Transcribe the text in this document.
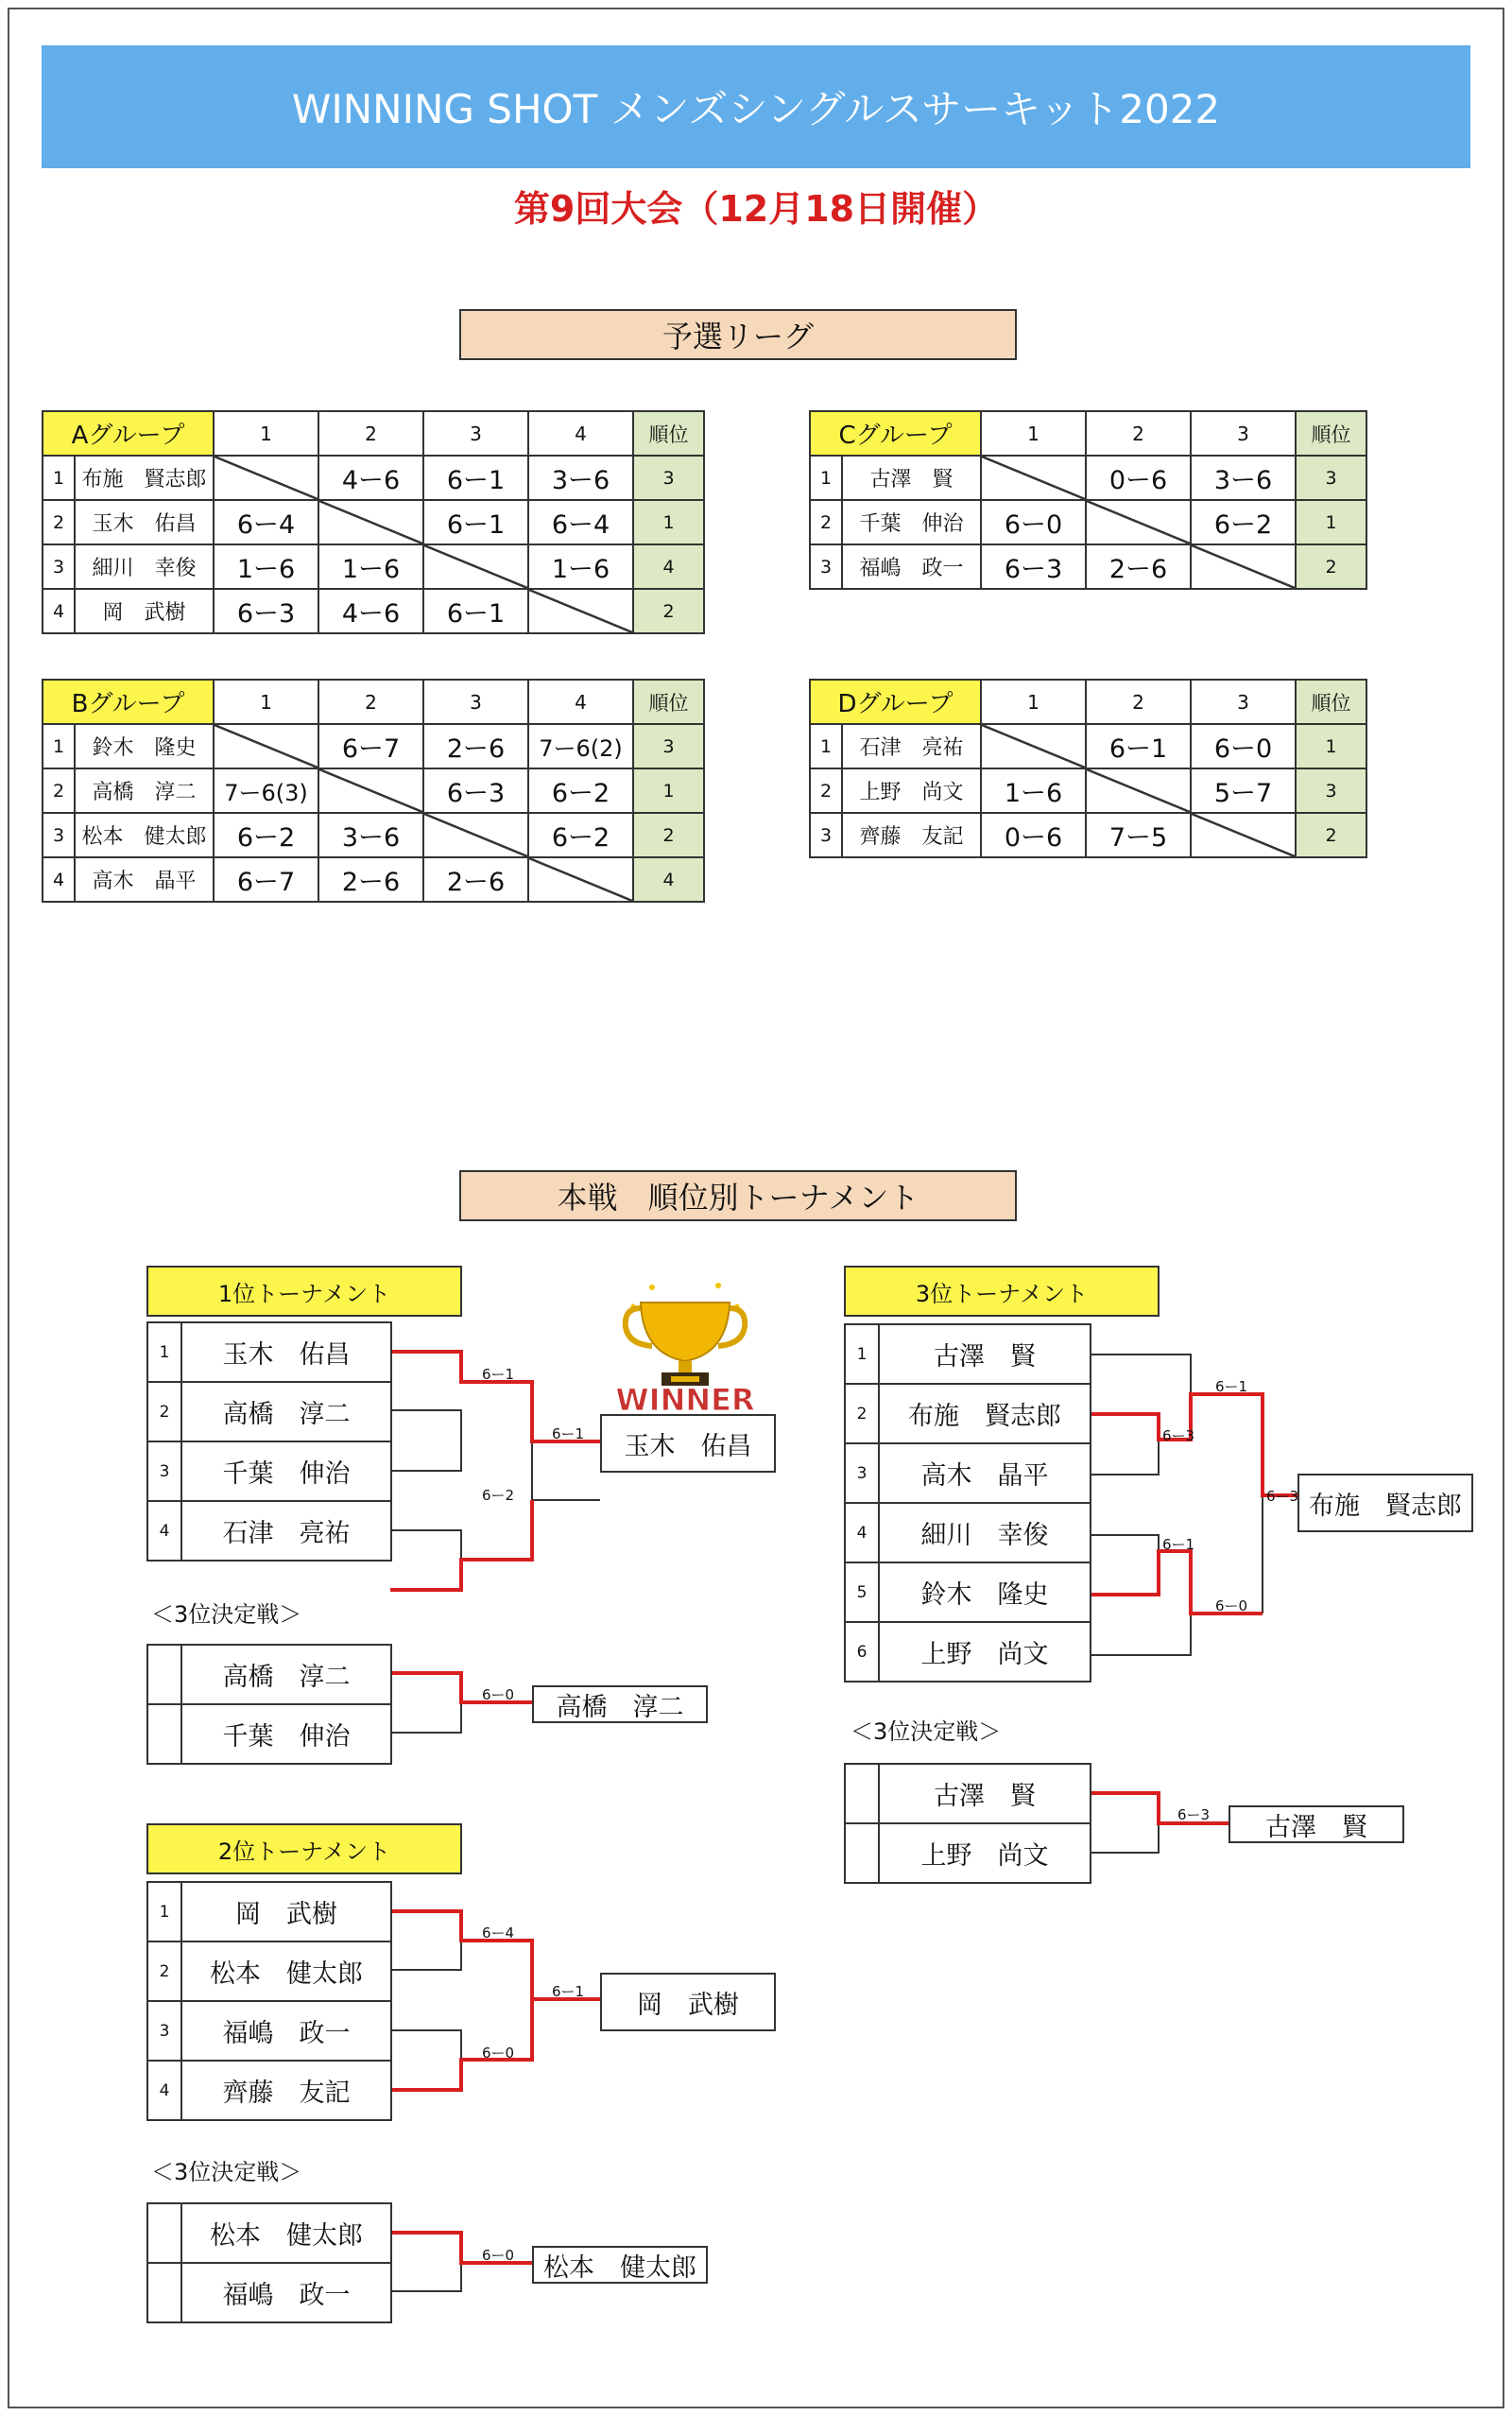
WINNING SHOT メンズシングルスサーキット2022
第9回大会（12月18日開催）
予選リーグ
Aグループ		1	2	3	4	順位
1	布施　賢志郎		4ー6	6ー1	3ー6	3
2	玉木　佑昌	6ー4		6ー1	6ー4	1
3	細川　幸俊	1ー6	1ー6		1ー6	4
4	岡　武樹	6ー3	4ー6	6ー1		2
Cグループ		1	2	3	順位
1	古澤　賢		0ー6	3ー6	3
2	千葉　伸治	6ー0		6ー2	1
3	福嶋　政一	6ー3	2ー6		2
Bグループ		1	2	3	4	順位
1	鈴木　隆史		6ー7	2ー6	7ー6(2)	3
2	高橋　淳二	7ー6(3)		6ー3	6ー2	1
3	松本　健太郎	6ー2	3ー6		6ー2	2
4	高木　晶平	6ー7	2ー6	2ー6		4
Dグループ		1	2	3	順位
1	石津　亮祐		6ー1	6ー0	1
2	上野　尚文	1ー6		5ー7	3
3	齊藤　友記	0ー6	7ー5		2
本戦　順位別トーナメント
1位トーナメント
1	玉木　佑昌
2	高橋　淳二
3	千葉　伸治
4	石津　亮祐
6ー1
6ー2
6ー1
WINNER
玉木　佑昌
＜3位決定戦＞
高橋　淳二
千葉　伸治
6ー0 高橋　淳二
2位トーナメント
1	岡　武樹
2	松本　健太郎
3	福嶋　政一
4	齊藤　友記
6ー4
6ー0
6ー1 岡　武樹
＜3位決定戦＞
松本　健太郎
福嶋　政一
6ー0 松本　健太郎
3位トーナメント
1	古澤　賢
2	布施　賢志郎
3	高木　晶平
4	細川　幸俊
5	鈴木　隆史
6	上野　尚文
6ー3
6ー1
6ー1
6ー0
6ー3 布施　賢志郎
＜3位決定戦＞
古澤　賢
上野　尚文
6ー3 古澤　賢
